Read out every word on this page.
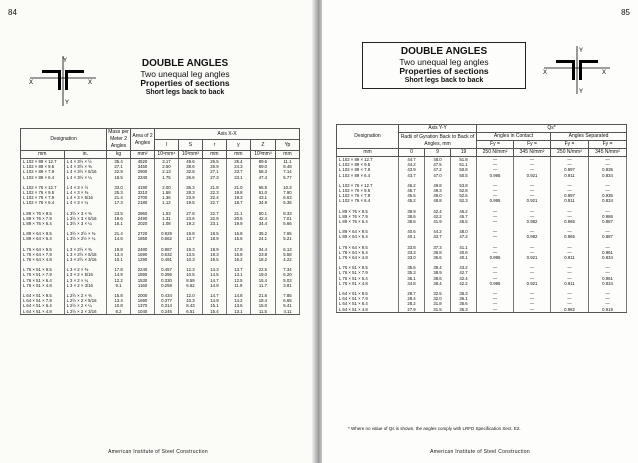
84
Y
X	X
Y
DOUBLE ANGLES
Two unequal leg angles
Properties of sections
Short legs back to back
Designation		Mass per Meter 2 Angles	Area of 2 Angles	Axis X-X					
				I	S	r	y	Z	Yp
mm	in.	kg	mm²	10⁶mm⁴	10³mm³	mm	mm	10³mm³	mm
L 102 × 89 × 12.7	L 4 × 3½ × ½	35.4	4520	3.17	49.6	26.5	25.4	89.6	11.1
L 102 × 89 × 9.5	L 4 × 3½ × ⅜	27.1	3450	2.50	38.6	26.9	24.3	69.0	8.48
L 102 × 89 × 7.9	L 4 × 3½ × 5/16	22.9	2900	2.13	32.8	27.1	23.7	58.3	7.14
L 102 × 89 × 6.4	L 4 × 3½ × ¼	18.5	2340	1.75	26.6	27.3	23.1	47.4	5.77

L 102 × 76 × 12.7	L 4 × 3 × ½	33.0	4190	2.00	36.3	21.8	21.0	66.5	10.3
L 102 × 76 × 9.5	L 4 × 3 × ⅜	25.3	3210	1.58	28.3	22.3	19.8	51.0	7.90
L 102 × 76 × 7.9	L 4 × 3 × 5/16	21.4	2700	1.36	23.9	22.4	19.3	43.1	6.63
L 102 × 76 × 6.4	L 4 × 3 × ¼	17.3	2180	1.12	19.5	22.7	18.7	34.9	5.36

L 89 × 76 × 9.5	L 3½ × 3 × ⅜	23.5	2960	1.53	27.8	22.7	21.1	50.1	8.33
L 89 × 76 × 7.9	L 3½ × 3 × 5/16	19.6	2490	1.31	23.6	22.9	20.5	42.4	7.01
L 89 × 76 × 6.4	L 3½ × 3 × ¼	16.1	2020	1.08	19.2	23.1	19.9	34.4	5.66

L 89 × 64 × 9.5	L 3½ × 2½ × ⅜	21.4	2720	0.929	19.8	18.5	16.8	35.2	7.65
L 89 × 64 × 6.4	L 3½ × 2½ × ¼	14.6	1850	0.662	13.7	18.9	15.6	24.1	5.21

L 76 × 64 × 9.5	L 3 × 2½ × ⅜	19.8	2480	0.887	19.3	18.9	17.9	34.4	6.13
L 76 × 64 × 7.9	L 3 × 2½ × 5/16	13.4	1690	0.632	13.5	19.3	16.8	23.8	5.58
L 76 × 64 × 4.8	L 3 × 2½ × 3/16	10.1	1290	0.491	10.3	19.5	16.2	18.2	4.22

L 76 × 51 × 9.5	L 3 × 2 × ⅜	17.8	2240	0.457	12.3	14.3	13.7	22.5	7.34
L 76 × 51 × 7.9	L 3 × 2 × 5/16	14.9	1890	0.396	10.5	14.5	13.1	19.0	6.20
L 76 × 51 × 6.4	L 3 × 2 × ¼	12.2	1530	0.330	8.59	14.7	12.5	15.4	5.03
L 76 × 51 × 4.8	L 3 × 2 × 3/16	9.1	1160	0.258	6.62	14.9	11.9	11.7	3.81

L 64 × 51 × 9.5	L 2½ × 2 × ⅜	15.8	2000	0.434	12.0	14.7	14.8	21.6	7.85
L 64 × 51 × 7.9	L 2½ × 2 × 5/16	13.4	1690	0.377	10.3	14.9	14.2	18.4	6.65
L 64 × 51 × 6.4	L 2½ × 2 × ¼	10.8	1370	0.314	8.43	15.1	13.6	15.0	5.41
L 64 × 51 × 4.8	L 2½ × 2 × 3/16	8.2	1040	0.246	6.51	15.4	13.1	11.5	4.11
American Institute of Steel Construction
85
DOUBLE ANGLES
Two unequal leg angles
Properties of sections
Short legs back to back
Y
X	X
Y
Designation	Axis Y-Y			Qs*			
	Radii of Gyration Back to Back of Angles, mm			Angles in Contact		Angles Separated	
				Fy =	Fy =	Fy =	Fy =
mm	0	9	19	250 N/mm²	345 N/mm²	250 N/mm²	345 N/mm²
L 102 × 89 × 12.7	44.7	48.0	51.8	—	—	—	—
L 102 × 89 × 9.5	44.2	47.5	51.1	—	—	—	—
L 102 × 89 × 7.9	43.9	47.2	50.8	—	—	0.997	0.935
L 102 × 89 × 6.4	43.7	47.0	50.5	0.995	0.921	0.911	0.834

L 102 × 76 × 12.7	46.2	49.8	53.8	—	—	—	—
L 102 × 76 × 9.5	45.7	49.3	52.8	—	—	—	—
L 102 × 76 × 7.9	45.5	49.0	52.6	—	—	0.997	0.935
L 102 × 76 × 6.4	45.2	48.8	52.3	0.995	0.921	0.911	0.834

L 89 × 76 × 9.5	38.9	42.4	46.2	—	—	—	—
L 89 × 76 × 7.9	38.6	42.2	45.7	—	—	—	0.986
L 89 × 76 × 6.4	38.6	41.9	45.5	—	0.982	0.965	0.887

L 89 × 64 × 9.5	40.6	44.2	48.0	—	—	—	—
L 89 × 64 × 6.4	40.1	43.7	47.2	—	0.982	0.965	0.887

L 76 × 64 × 9.5	33.8	37.3	41.1	—	—	—	—
L 76 × 64 × 6.4	33.3	36.8	40.6	—	—	—	0.961
L 76 × 64 × 4.8	33.0	36.6	40.1	0.995	0.921	0.911	0.834

L 76 × 51 × 9.5	35.6	39.4	43.2	—	—	—	—
L 76 × 51 × 7.9	35.3	38.9	42.7	—	—	—	—
L 76 × 51 × 6.4	35.1	38.6	42.4	—	—	—	0.961
L 76 × 51 × 4.8	34.8	38.4	42.2	0.995	0.921	0.911	0.834

L 64 × 51 × 9.5	28.7	32.5	36.3	—	—	—	—
L 64 × 51 × 7.9	28.4	32.0	36.1	—	—	—	—
L 64 × 51 × 6.4	28.2	31.8	35.6	—	—	—	—
L 64 × 51 × 4.8	27.9	31.5	35.3	—	—	0.982	0.919
* Where no value of Qs is shown, the angles comply with LRFD Specification Sect. E2.
American Institute of Steel Construction
